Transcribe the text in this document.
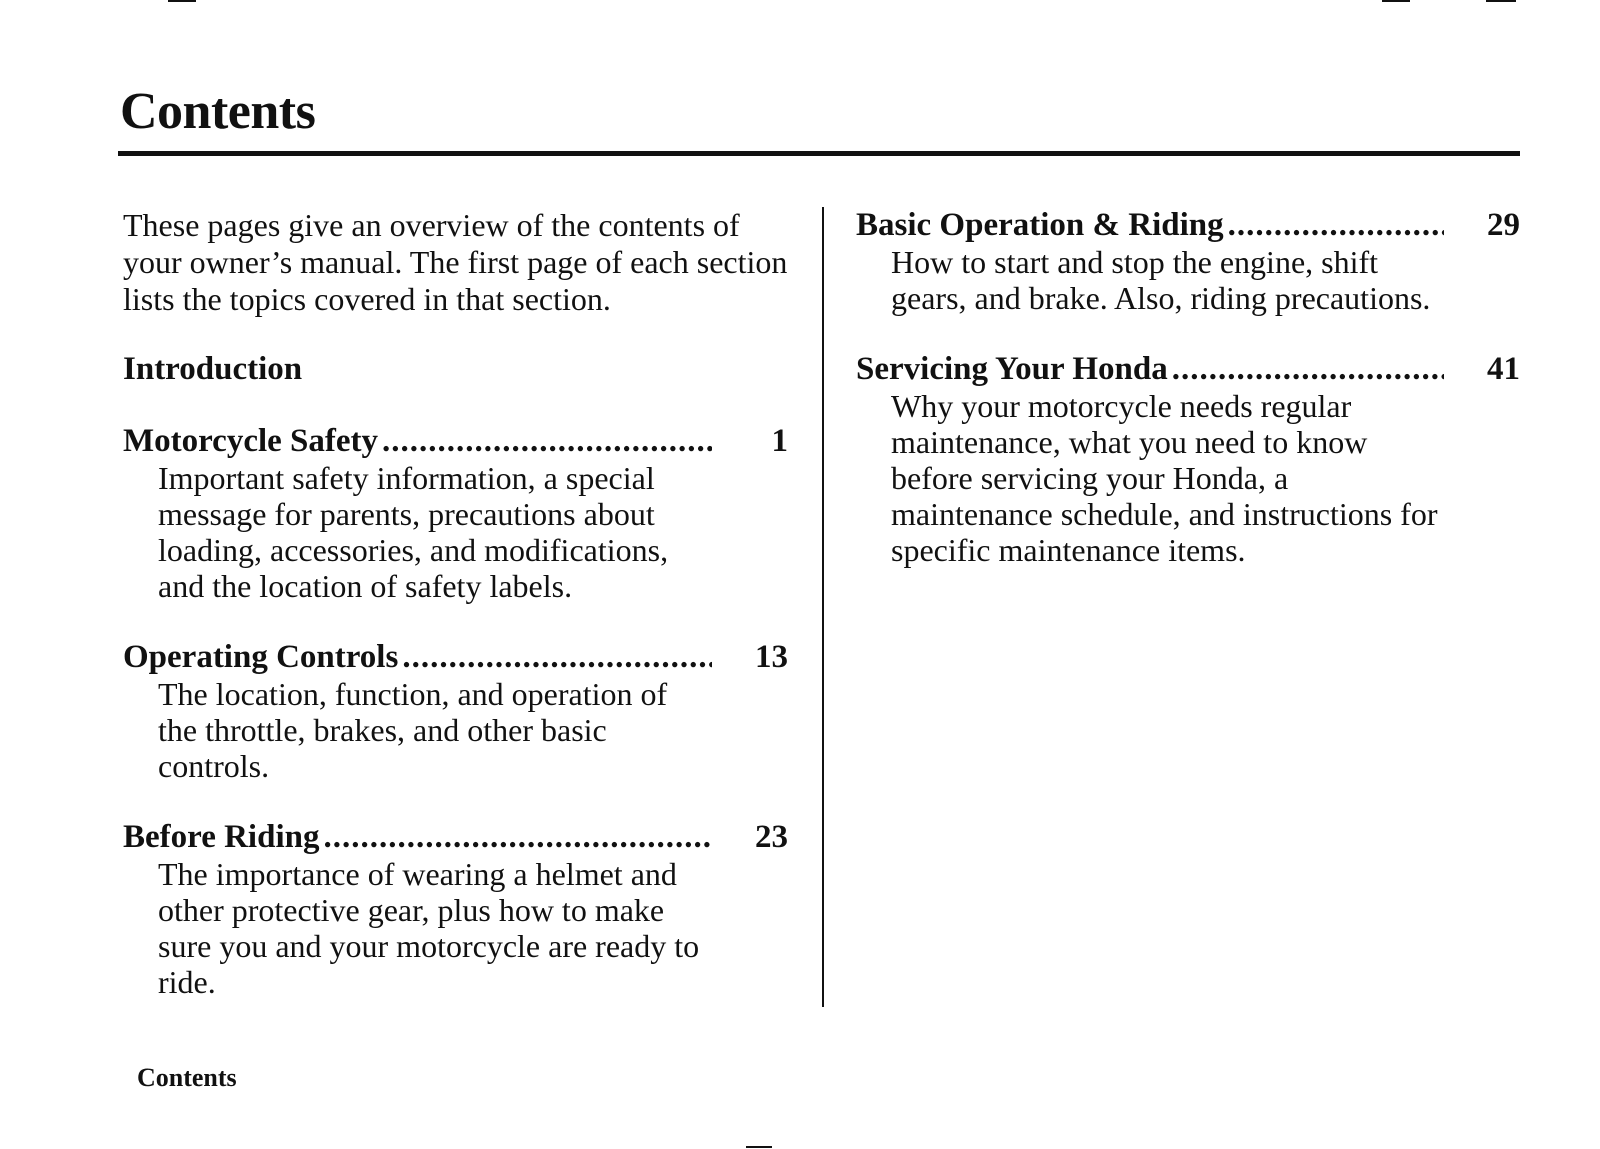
Contents

These pages give an overview of the contents of your owner’s manual. The first page of each section lists the topics covered in that section.

Introduction
Motorcycle Safety .....	1
Important safety information, a special message for parents, precautions about loading, accessories, and modifications, and the location of safety labels.
Operating Controls .....	13
The location, function, and operation of the throttle, brakes, and other basic controls.
Before Riding .....	23
The importance of wearing a helmet and other protective gear, plus how to make sure you and your motorcycle are ready to ride.
Basic Operation & Riding .....	29
How to start and stop the engine, shift gears, and brake. Also, riding precautions.
Servicing Your Honda .....	41
Why your motorcycle needs regular maintenance, what you need to know before servicing your Honda, a maintenance schedule, and instructions for specific maintenance items.
Contents
